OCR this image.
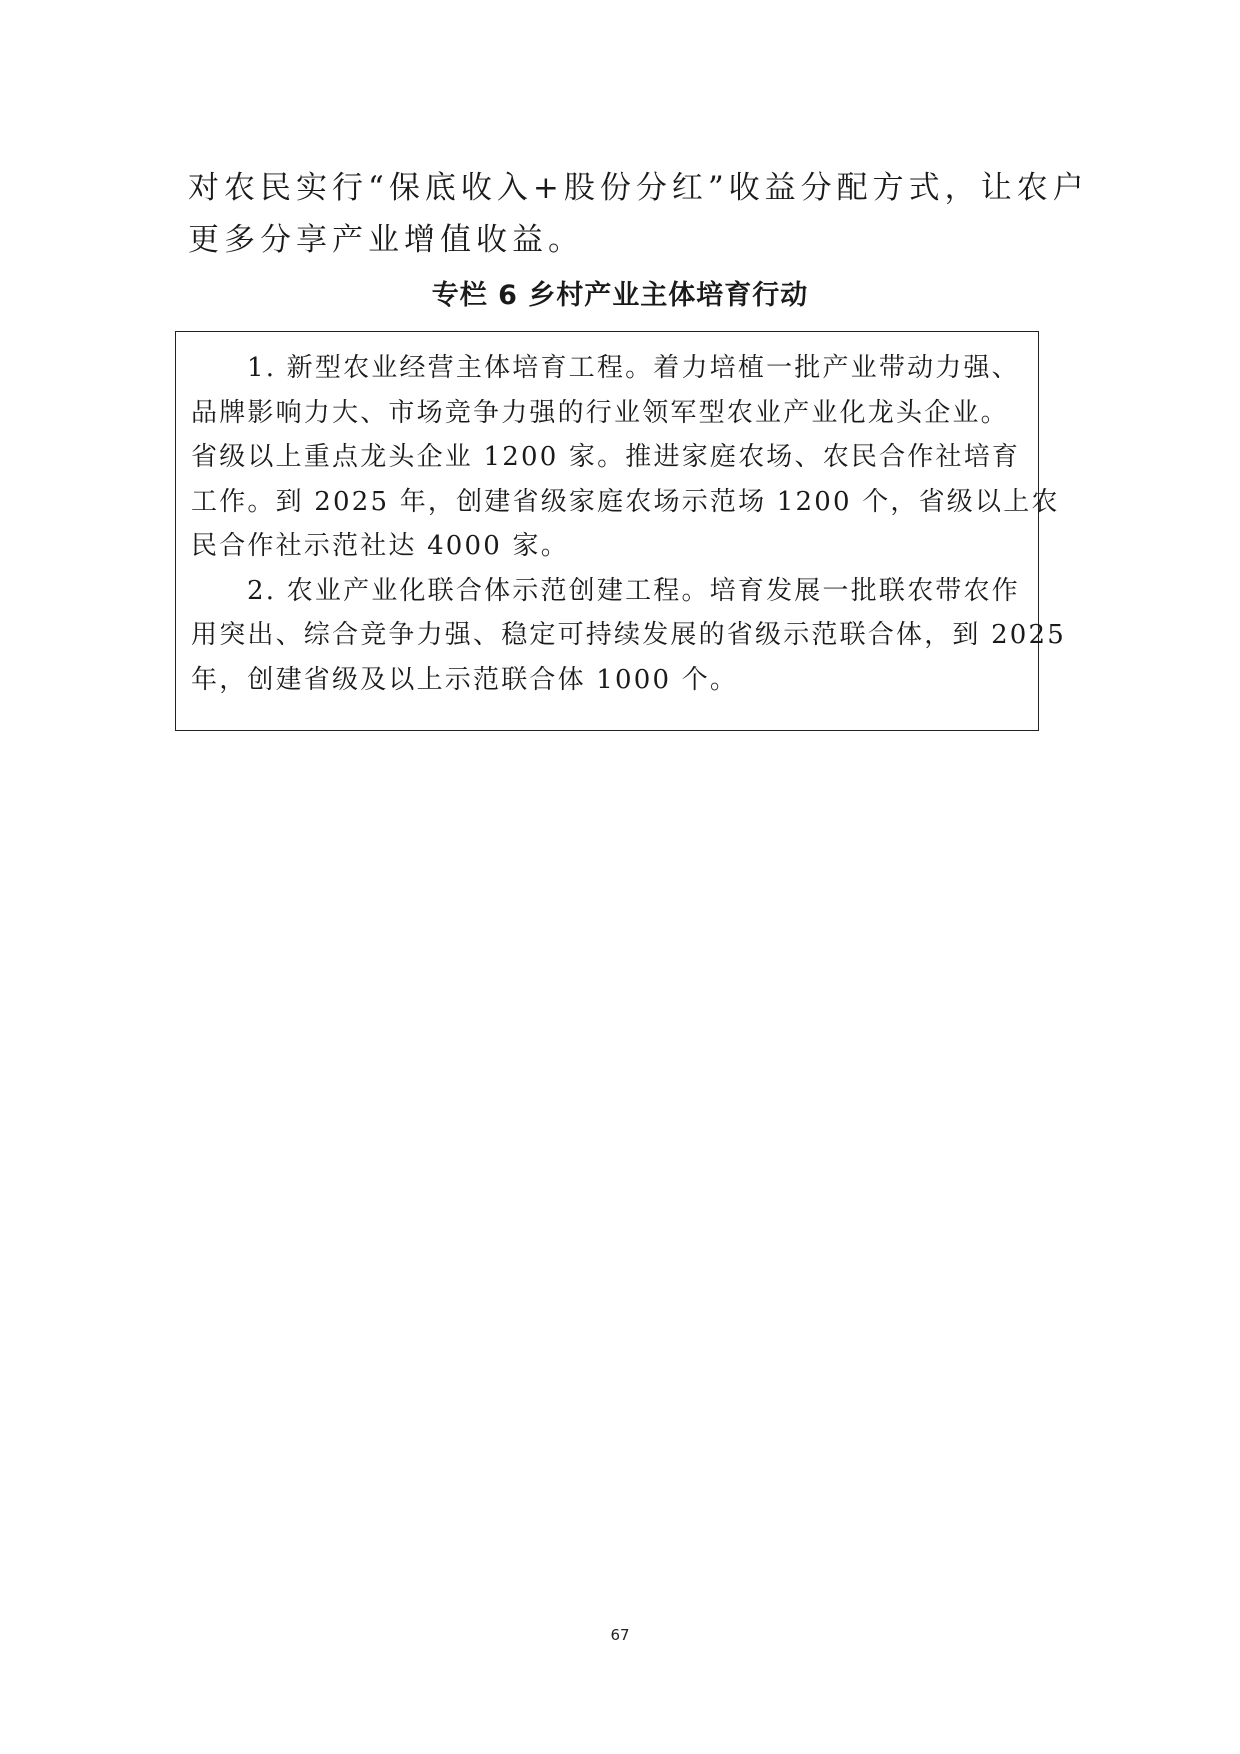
对农民实行“保底收入+股份分红”收益分配方式，让农户
更多分享产业增值收益。

专栏 6 乡村产业主体培育行动

1. 新型农业经营主体培育工程。着力培植一批产业带动力强、
品牌影响力大、市场竞争力强的行业领军型农业产业化龙头企业。
省级以上重点龙头企业 1200 家。推进家庭农场、农民合作社培育
工作。到 2025 年，创建省级家庭农场示范场 1200 个，省级以上农
民合作社示范社达 4000 家。

2. 农业产业化联合体示范创建工程。培育发展一批联农带农作
用突出、综合竞争力强、稳定可持续发展的省级示范联合体，到 2025
年，创建省级及以上示范联合体 1000 个。

67
